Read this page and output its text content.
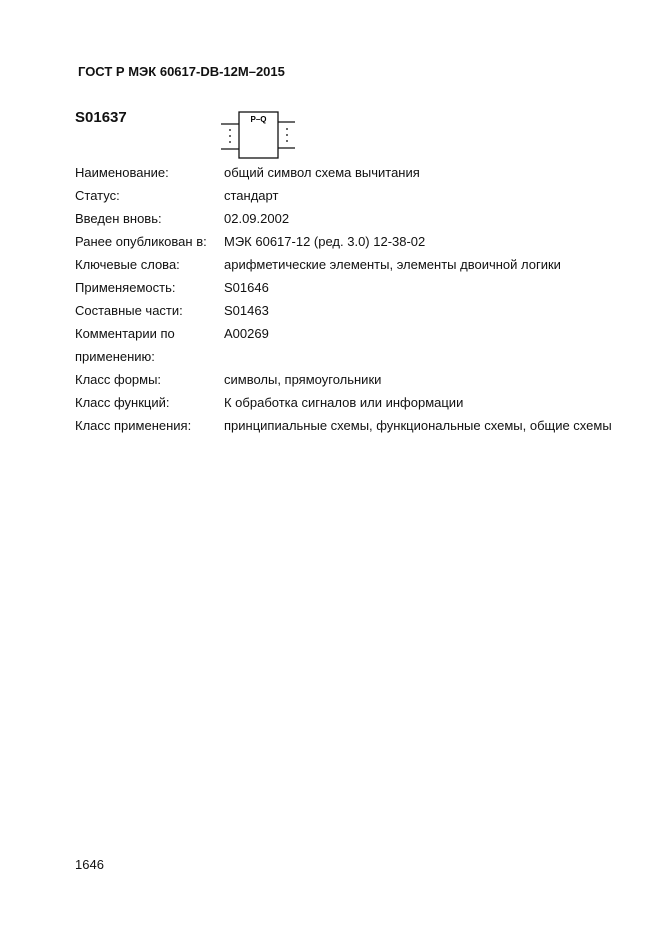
ГОСТ Р МЭК 60617-DB-12M–2015
S01637	P–Q
Наименование:	общий символ схема вычитания
Статус:	стандарт
Введен вновь:	02.09.2002
Ранее опубликован в: МЭК 60617-12 (ред. 3.0) 12-38-02
Ключевые слова:	арифметические элементы, элементы двоичной логики
Применяемость:	S01646
Составные части:	S01463
Комментарии по	A00269
применению:
Класс формы:	символы, прямоугольники
Класс функций:	К обработка сигналов или информации
Класс применения:	принципиальные схемы, функциональные схемы, общие схемы
1646
